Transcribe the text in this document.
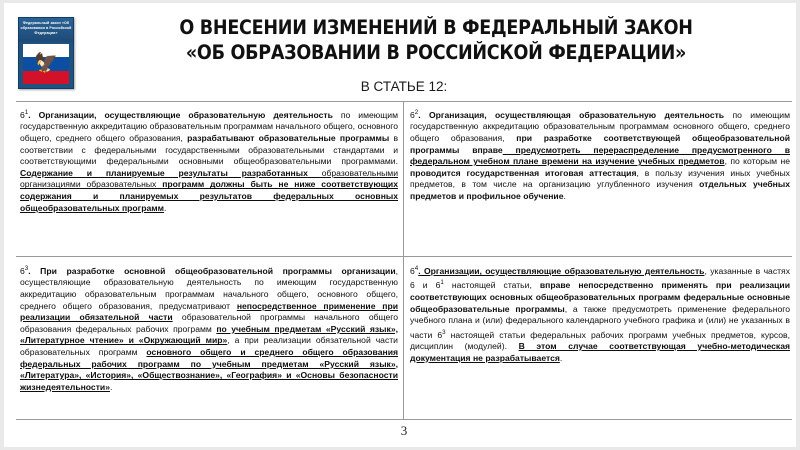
Федеральный закон «Об образовании в Российской Федерации»
🦅
О ВНЕСЕНИИ ИЗМЕНЕНИЙ В ФЕДЕРАЛЬНЫЙ ЗАКОН
«ОБ ОБРАЗОВАНИИ В РОССИЙСКОЙ ФЕДЕРАЦИИ»
В СТАТЬЕ 12:

$6^1$. Организации, осуществляющие образовательную деятельность по имеющим государственную аккредитацию образовательным программам начального общего, основного общего, среднего общего образования, разрабатывают образовательные программы в соответствии с федеральными государственными образовательными стандартами и соответствующими федеральными основными общеобразовательными программами. Содержание и планируемые результаты разработанных образовательными организациями образовательных программ должны быть не ниже соответствующих содержания и планируемых результатов федеральных основных общеобразовательных программ.

$6^2$. Организация, осуществляющая образовательную деятельность по имеющим государственную аккредитацию образовательным программам основного общего, среднего общего образования, при разработке соответствующей общеобразовательной программы вправе предусмотреть перераспределение предусмотренного в федеральном учебном плане времени на изучение учебных предметов, по которым не проводится государственная итоговая аттестация, в пользу изучения иных учебных предметов, в том числе на организацию углубленного изучения отдельных учебных предметов и профильное обучение.

$6^3$. При разработке основной общеобразовательной программы организации, осуществляющие образовательную деятельность по имеющим государственную аккредитацию образовательным программам начального общего, основного общего, среднего общего образования, предусматривают непосредственное применение при реализации обязательной части образовательной программы начального общего образования федеральных рабочих программ по учебным предметам «Русский язык», «Литературное чтение» и «Окружающий мир», а при реализации обязательной части образовательных программ основного общего и среднего общего образования федеральных рабочих программ по учебным предметам «Русский язык», «Литература», «История», «Обществознание», «География» и «Основы безопасности жизнедеятельности».

$6^4$. Организации, осуществляющие образовательную деятельность, указанные в частях 6 и $6^1$ настоящей статьи, вправе непосредственно применять при реализации соответствующих основных общеобразовательных программ федеральные основные общеобразовательные программы, а также предусмотреть применение федерального учебного плана и (или) федерального календарного учебного графика и (или) не указанных в части $6^3$ настоящей статьи федеральных рабочих программ учебных предметов, курсов, дисциплин (модулей). В этом случае соответствующая учебно-методическая документация не разрабатывается.

3
